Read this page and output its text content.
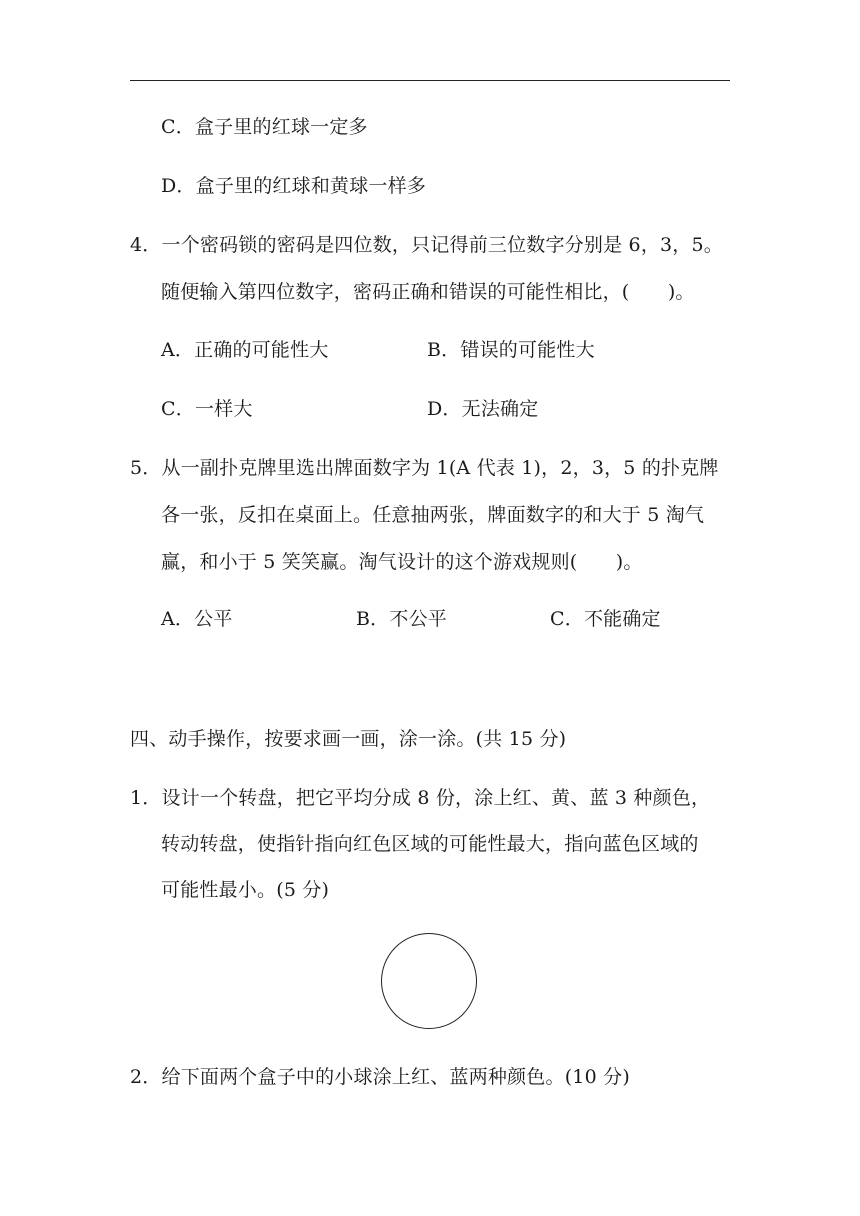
C．盒子里的红球一定多
D．盒子里的红球和黄球一样多
4．一个密码锁的密码是四位数，只记得前三位数字分别是 6，3，5。
随便输入第四位数字，密码正确和错误的可能性相比，(　　)。
A．正确的可能性大	B．错误的可能性大
C．一样大	D．无法确定
5．从一副扑克牌里选出牌面数字为 1(A 代表 1)，2，3，5 的扑克牌
各一张，反扣在桌面上。任意抽两张，牌面数字的和大于 5 淘气
赢，和小于 5 笑笑赢。淘气设计的这个游戏规则(　　)。
A．公平	B．不公平	C．不能确定
四、动手操作，按要求画一画，涂一涂。(共 15 分)
1．设计一个转盘，把它平均分成 8 份，涂上红、黄、蓝 3 种颜色，
转动转盘，使指针指向红色区域的可能性最大，指向蓝色区域的
可能性最小。(5 分)
2．给下面两个盒子中的小球涂上红、蓝两种颜色。(10 分)
